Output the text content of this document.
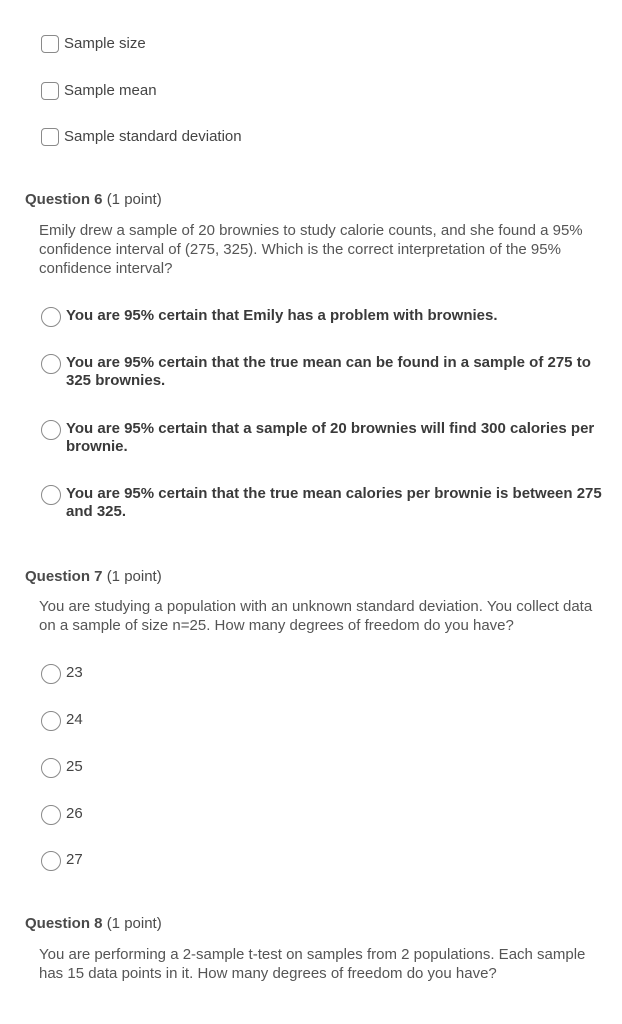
Sample size
Sample mean
Sample standard deviation
Question 6 (1 point)
Emily drew a sample of 20 brownies to study calorie counts, and she found a 95% confidence interval of (275, 325). Which is the correct interpretation of the 95% confidence interval?
You are 95% certain that Emily has a problem with brownies.
You are 95% certain that the true mean can be found in a sample of 275 to 325 brownies.
You are 95% certain that a sample of 20 brownies will find 300 calories per brownie.
You are 95% certain that the true mean calories per brownie is between 275 and 325.
Question 7 (1 point)
You are studying a population with an unknown standard deviation. You collect data on a sample of size n=25. How many degrees of freedom do you have?
23
24
25
26
27
Question 8 (1 point)
You are performing a 2-sample t-test on samples from 2 populations. Each sample has 15 data points in it. How many degrees of freedom do you have?
